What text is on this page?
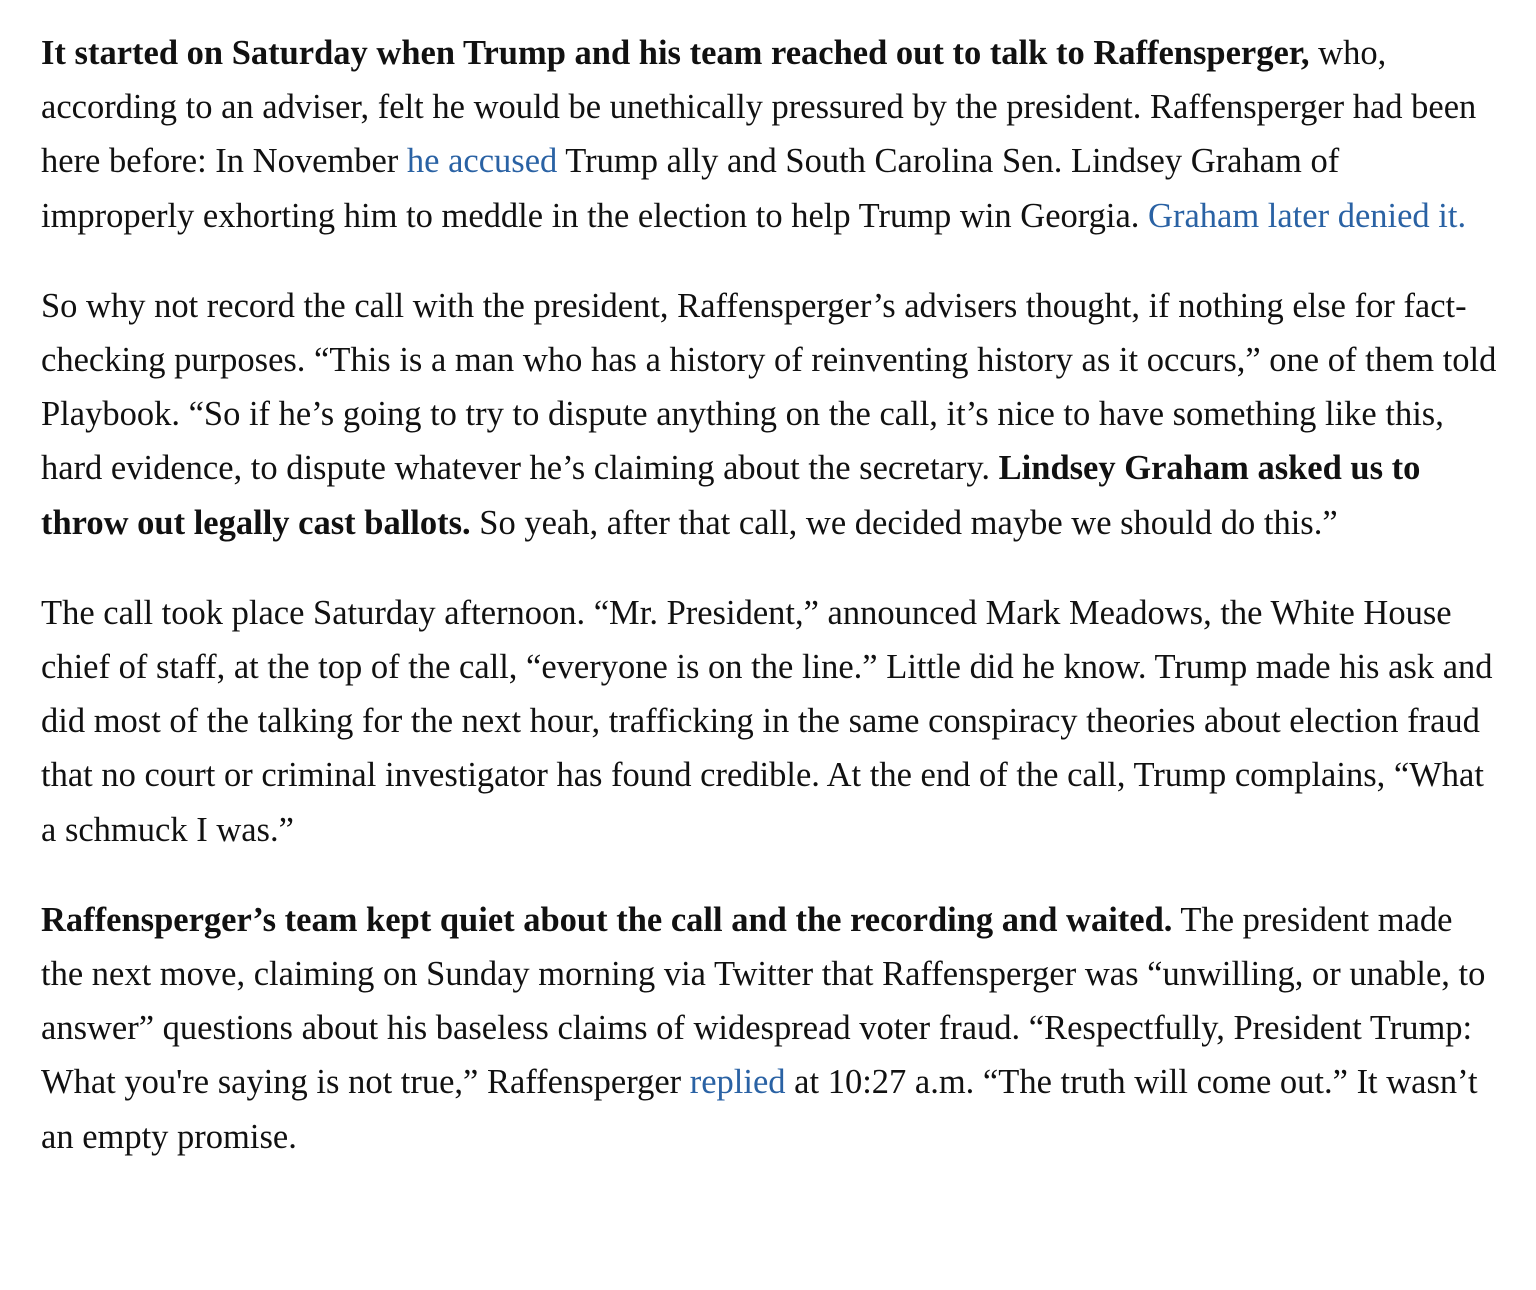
It started on Saturday when Trump and his team reached out to talk to Raffensperger, who, according to an adviser, felt he would be unethically pressured by the president. Raffensperger had been here before: In November he accused Trump ally and South Carolina Sen. Lindsey Graham of improperly exhorting him to meddle in the election to help Trump win Georgia. Graham later denied it.

So why not record the call with the president, Raffensperger’s advisers thought, if nothing else for fact-checking purposes. “This is a man who has a history of reinventing history as it occurs,” one of them told Playbook. “So if he’s going to try to dispute anything on the call, it’s nice to have something like this, hard evidence, to dispute whatever he’s claiming about the secretary. Lindsey Graham asked us to throw out legally cast ballots. So yeah, after that call, we decided maybe we should do this.”

The call took place Saturday afternoon. “Mr. President,” announced Mark Meadows, the White House chief of staff, at the top of the call, “everyone is on the line.” Little did he know. Trump made his ask and did most of the talking for the next hour, trafficking in the same conspiracy theories about election fraud that no court or criminal investigator has found credible. At the end of the call, Trump complains, “What a schmuck I was.”

Raffensperger’s team kept quiet about the call and the recording and waited. The president made the next move, claiming on Sunday morning via Twitter that Raffensperger was “unwilling, or unable, to answer” questions about his baseless claims of widespread voter fraud. “Respectfully, President Trump: What you're saying is not true,” Raffensperger replied at 10:27 a.m. “The truth will come out.” It wasn’t an empty promise.
